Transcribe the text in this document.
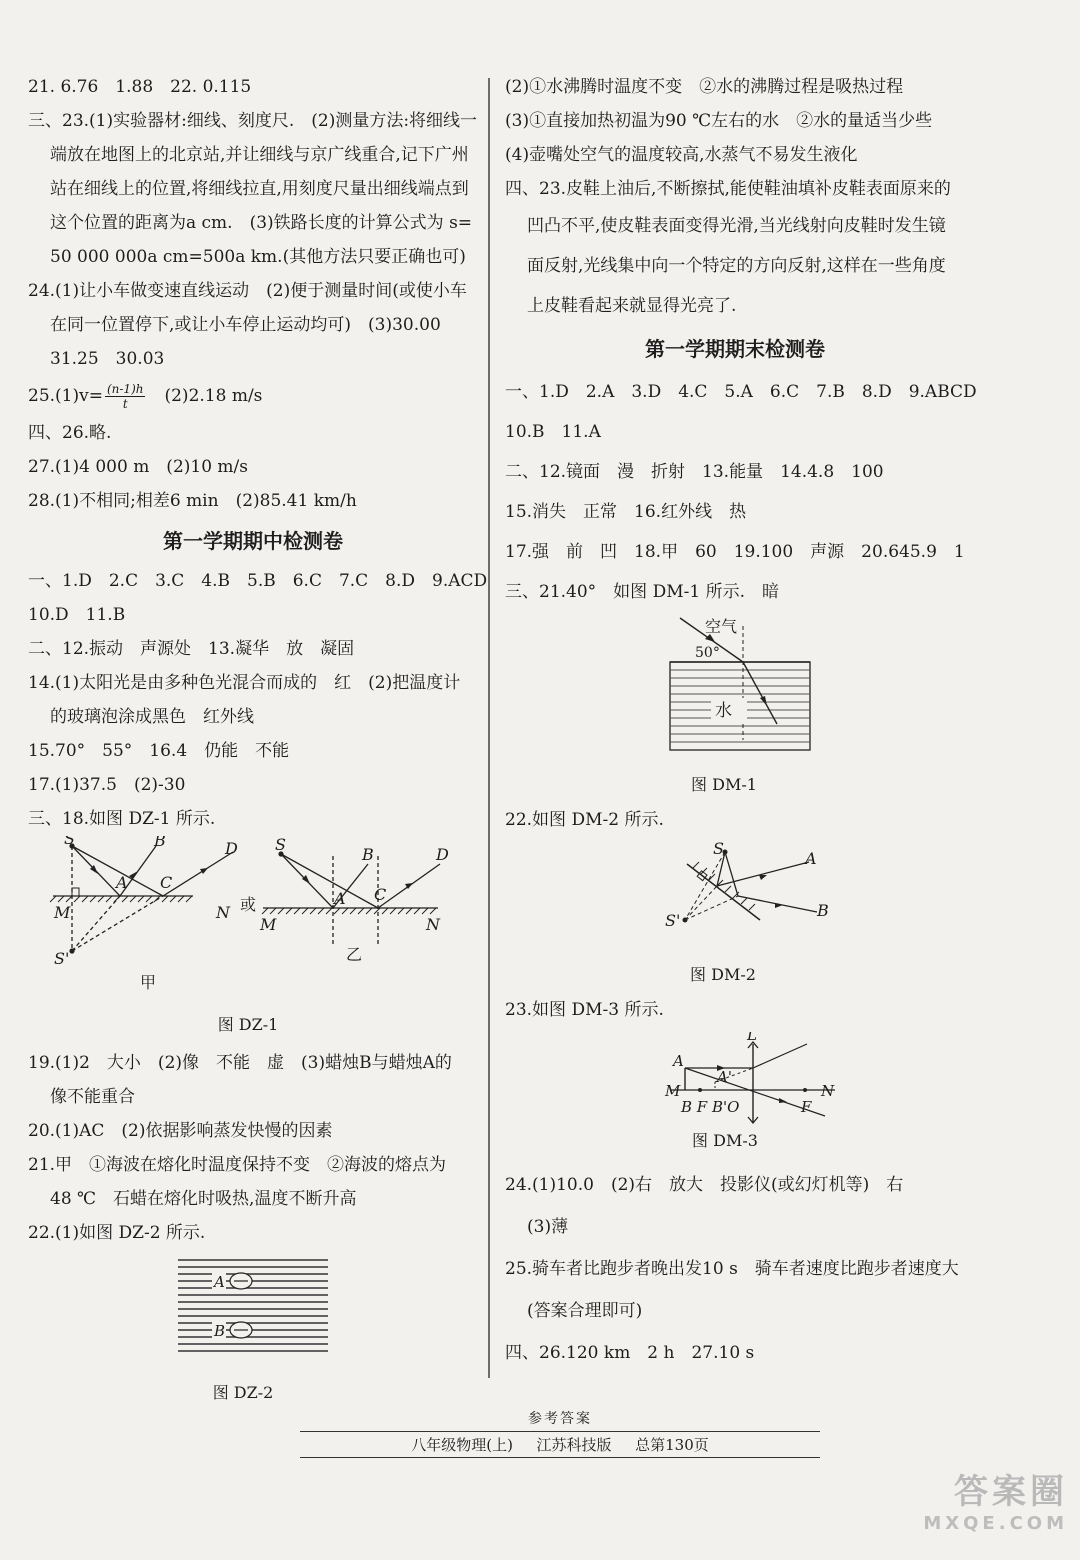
21. 6.76　1.88　22. 0.115
三、23.(1)实验器材:细线、刻度尺.　(2)测量方法:将细线一
端放在地图上的北京站,并让细线与京广线重合,记下广州
站在细线上的位置,将细线拉直,用刻度尺量出细线端点到
这个位置的距离为a cm.　(3)铁路长度的计算公式为 s=
50 000 000a cm=500a km.(其他方法只要正确也可)
24.(1)让小车做变速直线运动　(2)便于测量时间(或使小车
在同一位置停下,或让小车停止运动均可)　(3)30.00
31.25　30.03
$25.(1)v= \frac{(n-1)h}{t}$ 　(2)2.18 m/s
四、26.略.
27.(1)4 000 m　(2)10 m/s
28.(1)不相同;相差6 min　(2)85.41 km/h
第一学期期中检测卷
一、1.D　2.C　3.C　4.B　5.B　6.C　7.C　8.D　9.ACD
10.D　11.B
二、12.振动　声源处　13.凝华　放　凝固
14.(1)太阳光是由多种色光混合而成的　红　(2)把温度计
的玻璃泡涂成黑色　红外线
15.70°　55°　16.4　仍能　不能
17.(1)37.5　(2)-30
三、18.如图 DZ-1 所示.
S	B	D
A C
M	N
S'
S
B	D
A C
M	N
或
甲
乙
图 DZ-1
19.(1)2　大小　(2)像　不能　虚　(3)蜡烛B与蜡烛A的
像不能重合
20.(1)AC　(2)依据影响蒸发快慢的因素
21.甲　①海波在熔化时温度保持不变　②海波的熔点为
48 ℃　石蜡在熔化时吸热,温度不断升高
22.(1)如图 DZ-2 所示.
A
B
图 DZ-2
(2)①水沸腾时温度不变　②水的沸腾过程是吸热过程
(3)①直接加热初温为90 ℃左右的水　②水的量适当少些
(4)壶嘴处空气的温度较高,水蒸气不易发生液化
四、23.皮鞋上油后,不断擦拭,能使鞋油填补皮鞋表面原来的
凹凸不平,使皮鞋表面变得光滑,当光线射向皮鞋时发生镜
面反射,光线集中向一个特定的方向反射,这样在一些角度
上皮鞋看起来就显得光亮了.
第一学期期末检测卷
一、1.D　2.A　3.D　4.C　5.A　6.C　7.B　8.D　9.ABCD
10.B　11.A
二、12.镜面　漫　折射　13.能量　14.4.8　100
15.消失　正常　16.红外线　热
17.强　前　凹　18.甲　60　19.100　声源　20.645.9　1
三、21.40°　如图 DM-1 所示.　暗
空气
50°
水
图 DM-1
22.如图 DM-2 所示.
S
S'
A
B
图 DM-2
23.如图 DM-3 所示.
L
A
A'
M	N
B F B'O	F
图 DM-3
24.(1)10.0　(2)右　放大　投影仪(或幻灯机等)　右
(3)薄
25.骑车者比跑步者晚出发10 s　骑车者速度比跑步者速度大
(答案合理即可)
四、26.120 km　2 h　27.10 s
参考答案
八年级物理(上) 江苏科技版 总第130页
答案圈
MXQE.COM
